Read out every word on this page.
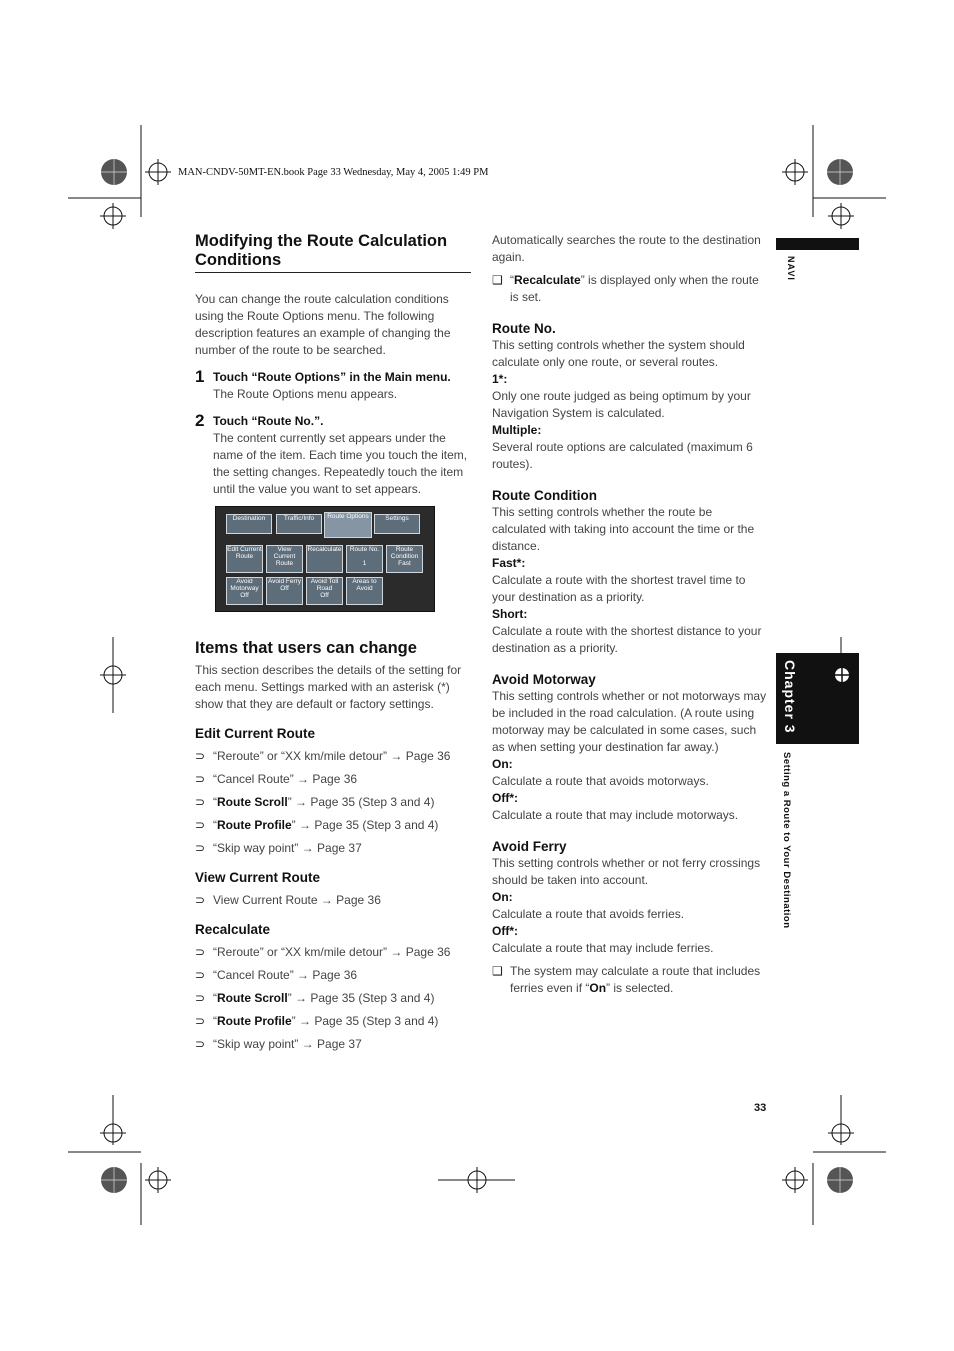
MAN-CNDV-50MT-EN.book Page 33 Wednesday, May 4, 2005 1:49 PM
Modifying the Route Calculation Conditions

You can change the route calculation conditions using the Route Options menu. The following description features an example of changing the number of the route to be searched.

1 Touch “Route Options” in the Main menu.

The Route Options menu appears.

2 Touch “Route No.”.

The content currently set appears under the name of the item. Each time you touch the item, the setting changes. Repeatedly touch the item until the value you want to set appears.

Destination	Traffic/Info	Route Options	Settings
Edit Current Route
View Current Route
Recalculate	Route No.

1
Route Condition
Fast
Avoid Motorway
Off
Avoid Ferry
Off
Avoid Toll Road
Off
Areas to Avoid
Items that users can change

This section describes the details of the setting for each menu. Settings marked with an asterisk (*) show that they are default or factory settings.

Edit Current Route
⊃ “Reroute” or “XX km/mile detour” → Page 36
⊃ “Cancel Route” → Page 36
⊃ “Route Scroll” → Page 35 (Step 3 and 4)
⊃ “Route Profile” → Page 35 (Step 3 and 4)
⊃ “Skip way point” → Page 37
View Current Route
⊃ View Current Route → Page 36
Recalculate
⊃ “Reroute” or “XX km/mile detour” → Page 36
⊃ “Cancel Route” → Page 36
⊃ “Route Scroll” → Page 35 (Step 3 and 4)
⊃ “Route Profile” → Page 35 (Step 3 and 4)
⊃ “Skip way point” → Page 37

Automatically searches the route to the destination again.

❑ “Recalculate” is displayed only when the route is set.
Route No.

This setting controls whether the system should calculate only one route, or several routes.

1*:

Only one route judged as being optimum by your Navigation System is calculated.

Multiple:

Several route options are calculated (maximum 6 routes).

Route Condition

This setting controls whether the route be calculated with taking into account the time or the distance.

Fast*:

Calculate a route with the shortest travel time to your destination as a priority.

Short:

Calculate a route with the shortest distance to your destination as a priority.

Avoid Motorway

This setting controls whether or not motorways may be included in the road calculation. (A route using motorway may be calculated in some cases, such as when setting your destination far away.)

On:

Calculate a route that avoids motorways.

Off*:

Calculate a route that may include motorways.

Avoid Ferry

This setting controls whether or not ferry crossings should be taken into account.

On:

Calculate a route that avoids ferries.

Off*:

Calculate a route that may include ferries.

❑ The system may calculate a route that includes ferries even if “On” is selected.
NAVI
Chapter 3
Setting a Route to Your Destination
33
